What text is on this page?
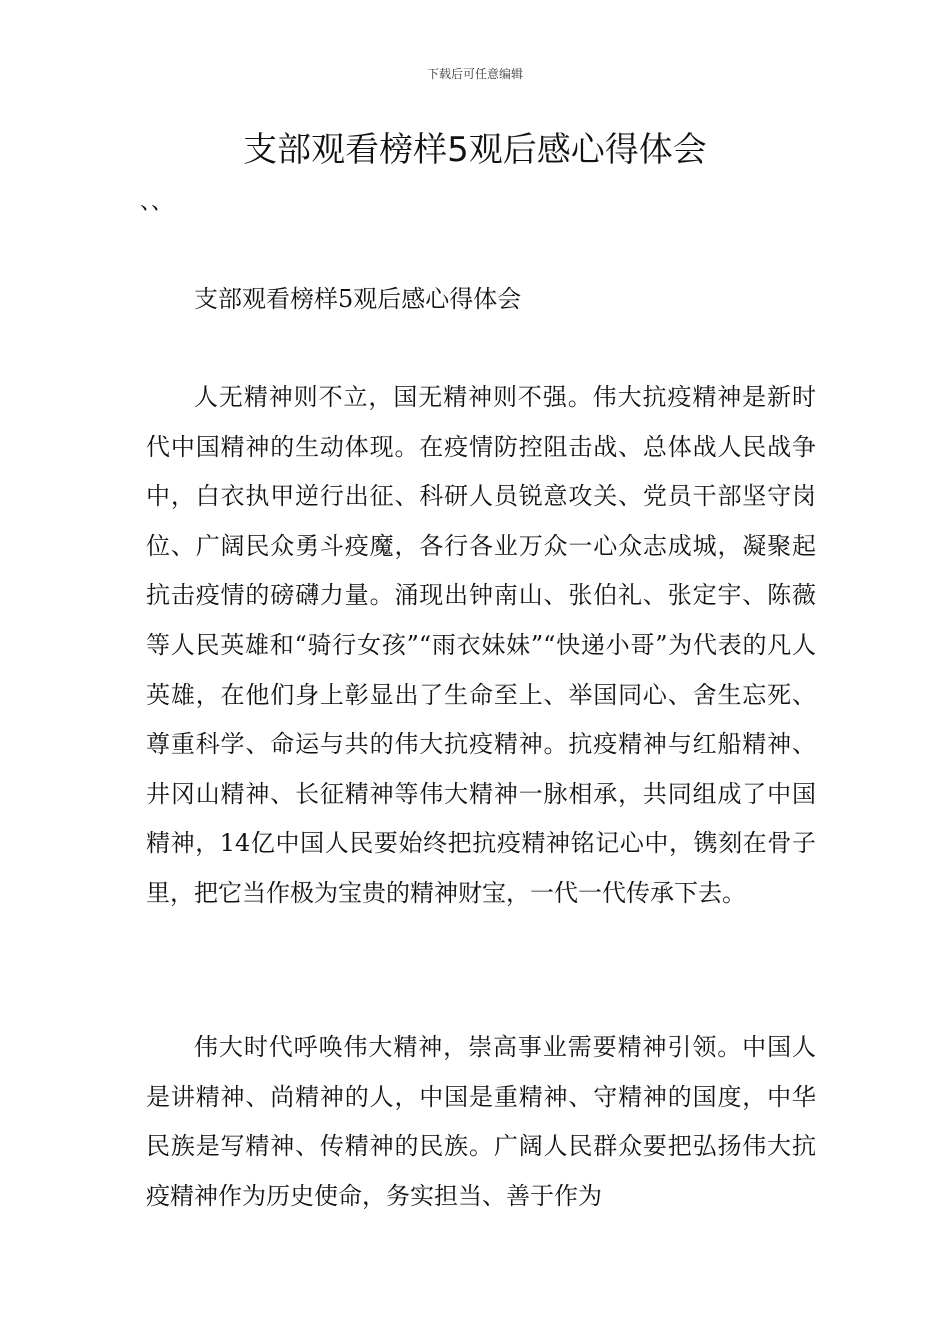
下载后可任意编辑
支部观看榜样5观后感心得体会
、、

支部观看榜样5观后感心得体会

人无精神则不立，国无精神则不强。伟大抗疫精神是新时代中国精神的生动体现。在疫情防控阻击战、总体战人民战争中，白衣执甲逆行出征、科研人员锐意攻关、党员干部坚守岗位、广阔民众勇斗疫魔，各行各业万众一心众志成城，凝聚起抗击疫情的磅礴力量。涌现出钟南山、张伯礼、张定宇、陈薇等人民英雄和“骑行女孩”“雨衣妹妹”“快递小哥”为代表的凡人英雄，在他们身上彰显出了生命至上、举国同心、舍生忘死、尊重科学、命运与共的伟大抗疫精神。抗疫精神与红船精神、井冈山精神、长征精神等伟大精神一脉相承，共同组成了中国精神，14亿中国人民要始终把抗疫精神铭记心中，镌刻在骨子里，把它当作极为宝贵的精神财宝，一代一代传承下去。

伟大时代呼唤伟大精神，崇高事业需要精神引领。中国人是讲精神、尚精神的人，中国是重精神、守精神的国度，中华民族是写精神、传精神的民族。广阔人民群众要把弘扬伟大抗疫精神作为历史使命，务实担当、善于作为
